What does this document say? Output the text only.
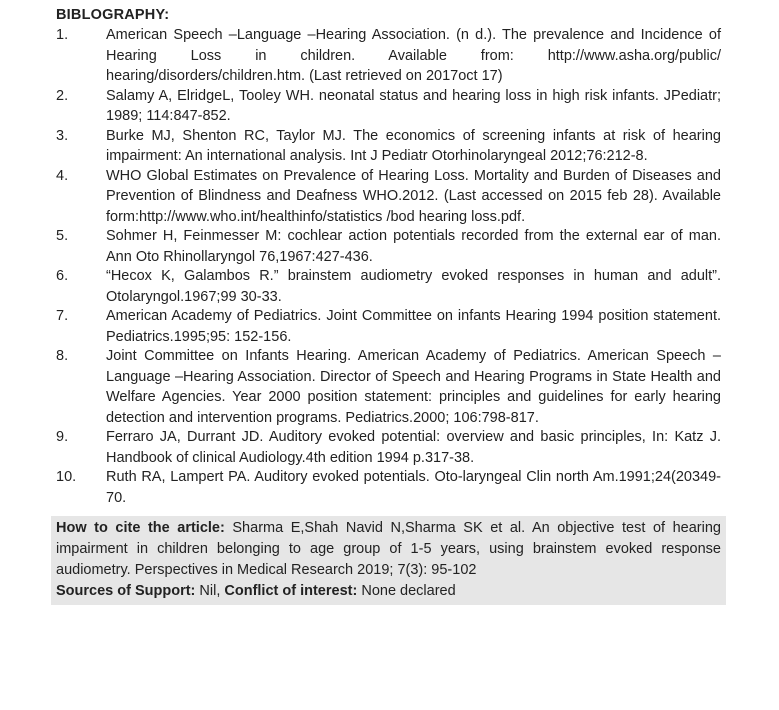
BIBLOGRAPHY:
1.	American Speech –Language –Hearing Association. (n d.). The prevalence and Incidence of Hearing Loss in children. Available from: http://www.asha.org/public/ hearing/disorders/children.htm. (Last retrieved on 2017oct 17)
2.	Salamy A, ElridgeL, Tooley WH. neonatal status and hearing loss in high risk infants. JPediatr; 1989; 114:847-852.
3.	Burke MJ, Shenton RC, Taylor MJ. The economics of screening infants at risk of hearing impairment: An international analysis. Int J Pediatr Otorhinolaryngeal 2012;76:212-8.
4.	WHO Global Estimates on Prevalence of Hearing Loss. Mortality and Burden of Diseases and Prevention of Blindness and Deafness WHO.2012. (Last accessed on 2015 feb 28). Available form:http://www.who.int/healthinfo/statistics /bod hearing loss.pdf.
5.	Sohmer H, Feinmesser M: cochlear action potentials recorded from the external ear of man. Ann Oto Rhinollaryngol 76,1967:427-436.
6.	“Hecox K, Galambos R.” brainstem audiometry evoked responses in human and adult”. Otolaryngol.1967;99 30-33.
7.	American Academy of Pediatrics. Joint Committee on infants Hearing 1994 position statement. Pediatrics.1995;95: 152-156.
8.	Joint Committee on Infants Hearing. American Academy of Pediatrics. American Speech –Language –Hearing Association. Director of Speech and Hearing Programs in State Health and Welfare Agencies. Year 2000 position statement: principles and guidelines for early hearing detection and intervention programs. Pediatrics.2000; 106:798-817.
9.	Ferraro JA, Durrant JD. Auditory evoked potential: overview and basic principles, In: Katz J. Handbook of clinical Audiology.4th edition 1994 p.317-38.
10. Ruth RA, Lampert PA. Auditory evoked potentials. Oto-laryngeal Clin north Am.1991;24(20349-70.
How to cite the article: Sharma E,Shah Navid N,Sharma SK et al. An objective test of hearing impairment in children belonging to age group of 1-5 years, using brainstem evoked response audiometry. Perspectives in Medical Research 2019; 7(3): 95-102
Sources of Support: Nil, Conflict of interest: None declared
